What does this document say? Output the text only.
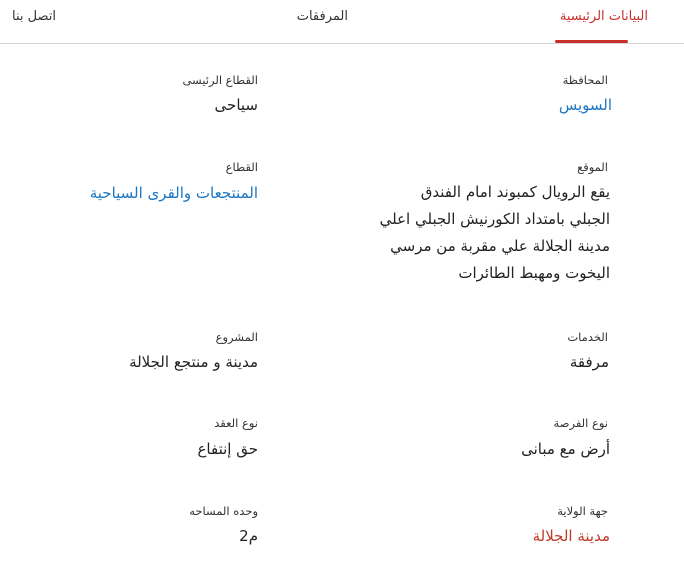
البيانات الرئيسية
المرفقات
اتصل بنا
المحافظة
السويس
القطاع الرئيسى
سياحى
الموقع
يقع الرويال كمبوند امام الفندق
الجبلي بامتداد الكورنيش الجبلي اعلي
مدينة الجلالة علي مقربة من مرسي
اليخوت ومهبط الطائرات
القطاع
المنتجعات والقرى السياحية
الخدمات
مرفقة
المشروع
مدينة و منتجع الجلالة
نوع الفرصة
أرض مع مبانى
نوع العقد
حق إنتفاع
جهة الولاية
مدينة الجلالة
وحده المساحه
م2
